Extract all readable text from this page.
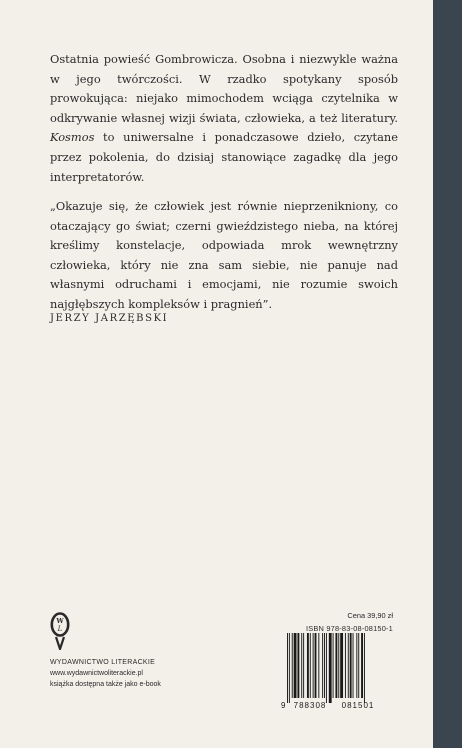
Ostatnia powieść Gombrowicza. Osobna i niezwykle ważna w jego twórczości. W rzadko spotykany sposób prowokująca: niejako mimochodem wciąga czytelnika w odkrywanie własnej wizji świata, człowieka, a też literatury. Kosmos to uniwersalne i ponadczasowe dzieło, czytane przez pokolenia, do dzisiaj stanowiące zagadkę dla jego interpretatorów.

„Okazuje się, że człowiek jest równie nieprzenikniony, co otaczający go świat; czerni gwieździstego nieba, na której kreślimy konstelacje, odpowiada mrok wewnętrzny człowieka, który nie zna sam siebie, nie panuje nad własnymi odruchami i emocjami, nie rozumie swoich najgłębszych kompleksów i pragnień”.

JERZY JARZĘBSKI
W
L
WYDAWNICTWO LITERACKIE
www.wydawnictwoliterackie.pl
książka dostępna także jako e-book
Cena 39,90 zł
ISBN 978-83-08-08150-1
9 788308 081501
